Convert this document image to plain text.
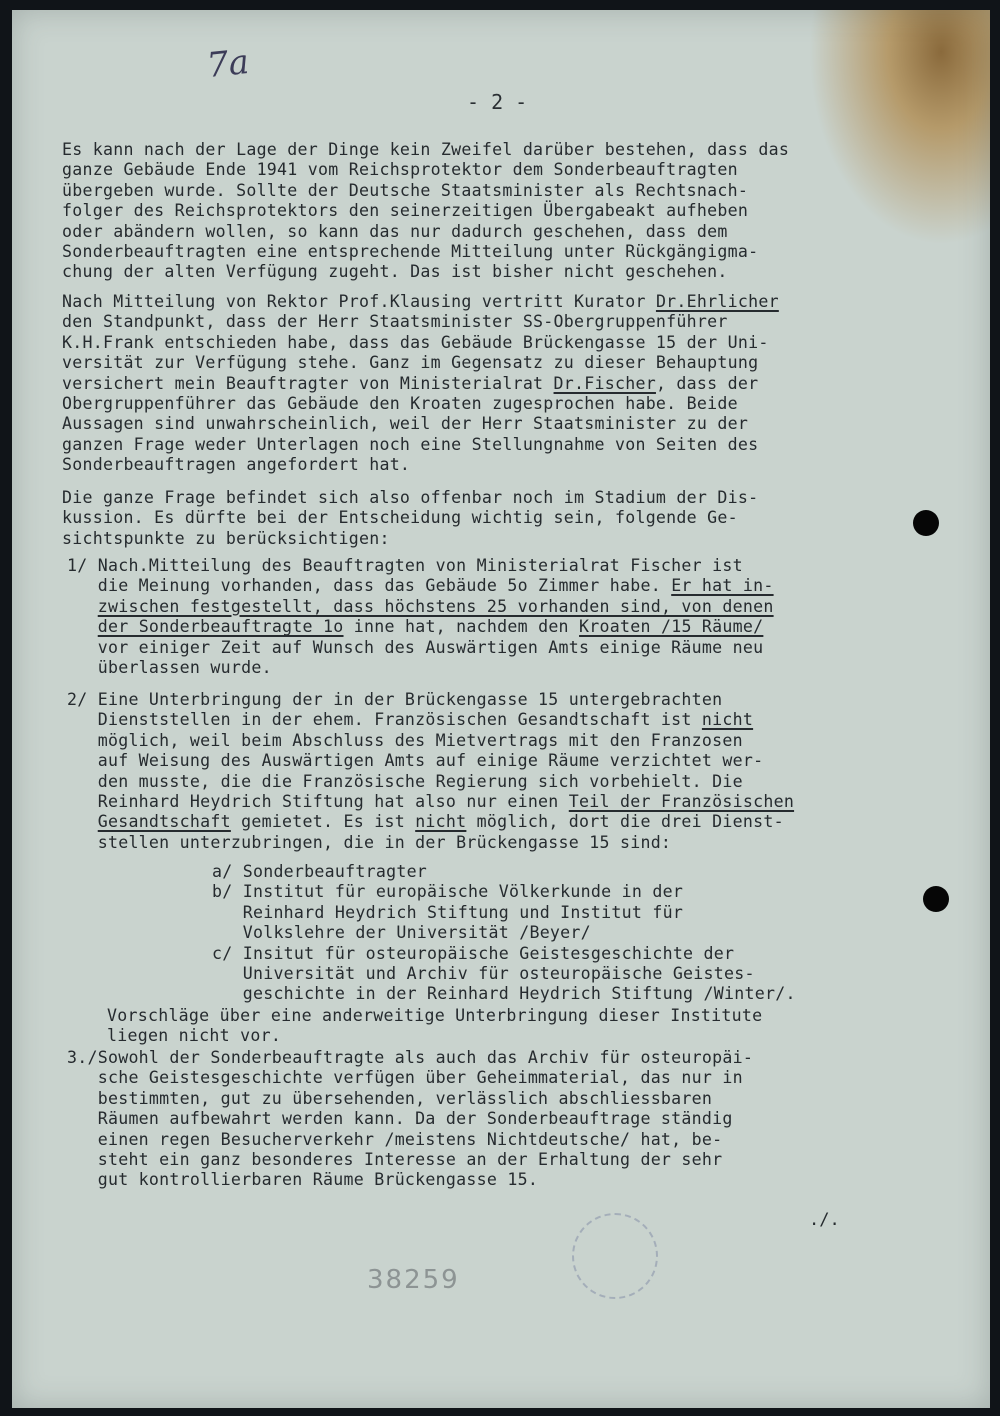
7a
- 2 -
Es kann nach der Lage der Dinge kein Zweifel darüber bestehen, dass das
ganze Gebäude Ende 1941 vom Reichsprotektor dem Sonderbeauftragten
übergeben wurde. Sollte der Deutsche Staatsminister als Rechtsnach-
folger des Reichsprotektors den seinerzeitigen Übergabeakt aufheben
oder abändern wollen, so kann das nur dadurch geschehen, dass dem
Sonderbeauftragten eine entsprechende Mitteilung unter Rückgängigma-
chung der alten Verfügung zugeht. Das ist bisher nicht geschehen.
Nach Mitteilung von Rektor Prof.Klausing vertritt Kurator Dr.Ehrlicher
den Standpunkt, dass der Herr Staatsminister SS-Obergruppenführer
K.H.Frank entschieden habe, dass das Gebäude Brückengasse 15 der Uni-
versität zur Verfügung stehe. Ganz im Gegensatz zu dieser Behauptung
versichert mein Beauftragter von Ministerialrat Dr.Fischer, dass der
Obergruppenführer das Gebäude den Kroaten zugesprochen habe. Beide
Aussagen sind unwahrscheinlich, weil der Herr Staatsminister zu der
ganzen Frage weder Unterlagen noch eine Stellungnahme von Seiten des
Sonderbeauftragen angefordert hat.
Die ganze Frage befindet sich also offenbar noch im Stadium der Dis-
kussion. Es dürfte bei der Entscheidung wichtig sein, folgende Ge-
sichtspunkte zu berücksichtigen:
1/ Nach.Mitteilung des Beauftragten von Ministerialrat Fischer ist
die Meinung vorhanden, dass das Gebäude 5o Zimmer habe. Er hat in-
zwischen festgestellt, dass höchstens 25 vorhanden sind, von denen
der Sonderbeauftragte 1o inne hat, nachdem den Kroaten /15 Räume/
vor einiger Zeit auf Wunsch des Auswärtigen Amts einige Räume neu
überlassen wurde.
2/ Eine Unterbringung der in der Brückengasse 15 untergebrachten
Dienststellen in der ehem. Französischen Gesandtschaft ist nicht
möglich, weil beim Abschluss des Mietvertrags mit den Franzosen
auf Weisung des Auswärtigen Amts auf einige Räume verzichtet wer-
den musste, die die Französische Regierung sich vorbehielt. Die
Reinhard Heydrich Stiftung hat also nur einen Teil der Französischen
Gesandtschaft gemietet. Es ist nicht möglich, dort die drei Dienst-
stellen unterzubringen, die in der Brückengasse 15 sind:
a/ Sonderbeauftragter
b/ Institut für europäische Völkerkunde in der
Reinhard Heydrich Stiftung und Institut für
Volkslehre der Universität /Beyer/
c/ Insitut für osteuropäische Geistesgeschichte der
Universität und Archiv für osteuropäische Geistes-
geschichte in der Reinhard Heydrich Stiftung /Winter/.
Vorschläge über eine anderweitige Unterbringung dieser Institute
liegen nicht vor.
3./Sowohl der Sonderbeauftragte als auch das Archiv für osteuropäi-
sche Geistesgeschichte verfügen über Geheimmaterial, das nur in
bestimmten, gut zu übersehenden, verlässlich abschliessbaren
Räumen aufbewahrt werden kann. Da der Sonderbeauftrage ständig
einen regen Besucherverkehr /meistens Nichtdeutsche/ hat, be-
steht ein ganz besonderes Interesse an der Erhaltung der sehr
gut kontrollierbaren Räume Brückengasse 15.
./.
38259
